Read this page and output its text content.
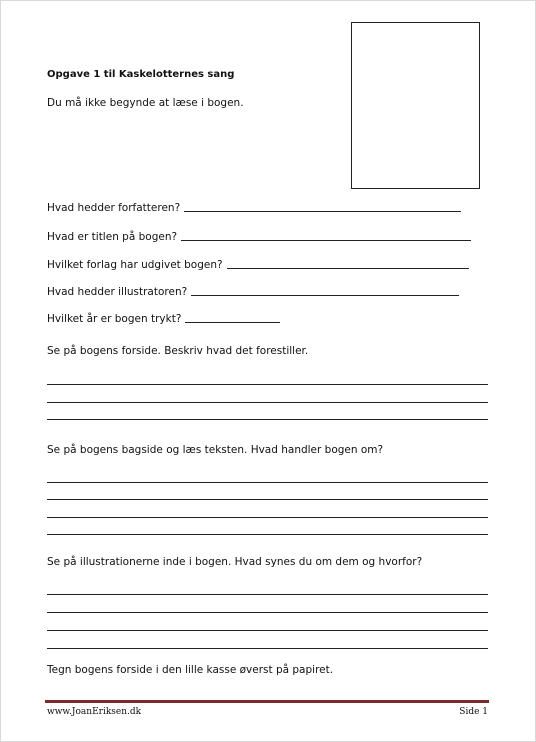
Opgave 1 til Kaskelotternes sang
Du må ikke begynde at læse i bogen.
Hvad hedder forfatteren?
Hvad er titlen på bogen?
Hvilket forlag har udgivet bogen?
Hvad hedder illustratoren?
Hvilket år er bogen trykt?
Se på bogens forside. Beskriv hvad det forestiller.
Se på bogens bagside og læs teksten. Hvad handler bogen om?
Se på illustrationerne inde i bogen. Hvad synes du om dem og hvorfor?
Tegn bogens forside i den lille kasse øverst på papiret.
www.JoanEriksen.dk	Side 1
